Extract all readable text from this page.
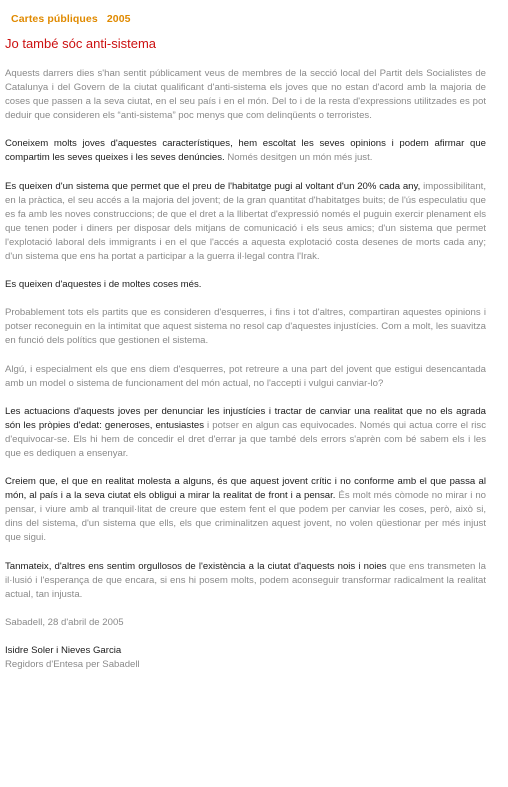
Cartes públiques   2005
Jo també sóc anti-sistema

Aquests darrers dies s'han sentit públicament veus de membres de la secció local del Partit dels Socialistes de Catalunya i del Govern de la ciutat qualificant d'anti-sistema els joves que no estan d'acord amb la majoria de coses que passen a la seva ciutat, en el seu país i en el món. Del to i de la resta d'expressions utilitzades es pot deduir que consideren els “anti-sistema” poc menys que com delinqüents o terroristes.

Coneixem molts joves d'aquestes característiques, hem escoltat les seves opinions i podem afirmar que compartim les seves queixes i les seves denúncies. Només desitgen un món més just.

Es queixen d'un sistema que permet que el preu de l'habitatge pugi al voltant d'un 20% cada any, impossibilitant, en la pràctica, el seu accés a la majoria del jovent; de la gran quantitat d'habitatges buits; de l'ús especulatiu que es fa amb les noves construccions; de que el dret a la llibertat d'expressió només el puguin exercir plenament els que tenen poder i diners per disposar dels mitjans de comunicació i els seus amics; d'un sistema que permet l'explotació laboral dels immigrants i en el que l'accés a aquesta explotació costa desenes de morts cada any; d'un sistema que ens ha portat a participar a la guerra il·legal contra l'Irak.

Es queixen d'aquestes i de moltes coses més.

Probablement tots els partits que es consideren d'esquerres, i fins i tot d'altres, compartiran aquestes opinions i potser reconeguin en la intimitat que aquest sistema no resol cap d'aquestes injustícies. Com a molt, les suavitza en funció dels polítics que gestionen el sistema.

Algú, i especialment els que ens diem d'esquerres, pot retreure a una part del jovent que estigui desencantada amb un model o sistema de funcionament del món actual, no l'accepti i vulgui canviar-lo?

Les actuacions d'aquests joves per denunciar les injustícies i tractar de canviar una realitat que no els agrada són les pròpies d'edat: generoses, entusiastes i potser en algun cas equivocades. Només qui actua corre el risc d'equivocar-se. Els hi hem de concedir el dret d'errar ja que també dels errors s'aprèn com bé sabem els i les que es dediquen a ensenyar.

Creiem que, el que en realitat molesta a alguns, és que aquest jovent crític i no conforme amb el que passa al món, al país i a la seva ciutat els obligui a mirar la realitat de front i a pensar. És molt més còmode no mirar i no pensar, i viure amb al tranquil·litat de creure que estem fent el que podem per canviar les coses, però, això si, dins del sistema, d'un sistema que ells, els que criminalitzen aquest jovent, no volen qüestionar per més injust que sigui.

Tanmateix, d'altres ens sentim orgullosos de l'existència a la ciutat d'aquests nois i noies que ens transmeten la il·lusió i l'esperança de que encara, si ens hi posem molts, podem aconseguir transformar radicalment la realitat actual, tan injusta.

Sabadell, 28 d'abril de 2005

Isidre Soler i Nieves Garcia

Regidors d'Entesa per Sabadell
